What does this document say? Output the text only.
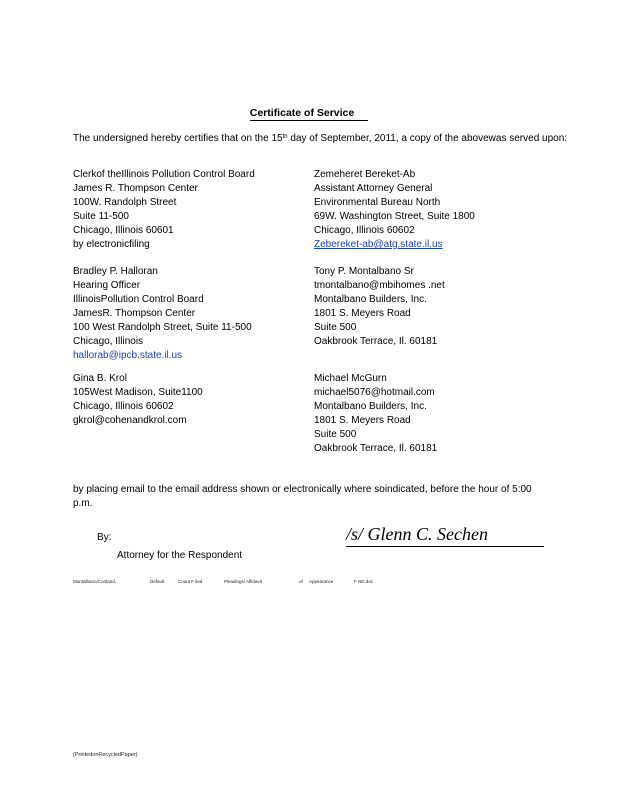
Certificate of Service
The undersigned hereby certifies that on the 15th day of September, 2011, a copy of the abovewas served upon:
Clerkof theIllinois Pollution Control Board
James R. Thompson Center
100W. Randolph Street
Suite 11-500
Chicago, Illinois 60601
by electronicfiling
Zemeheret Bereket-Ab
Assistant Attorney General
Environmental Bureau North
69W. Washington Street, Suite 1800
Chicago, Illinois 60602
Zebereket-ab@atg.state.il.us
Bradley P. Halloran
Hearing Officer
IllinoisPollution Control Board
JamesR. Thompson Center
100 West Randolph Street, Suite 11-500
Chicago, Illinois
hallorab@ipcb.state.il.us
Tony P. Montalbano Sr
tmontalbano@mbihomes .net
Montalbano Builders, Inc.
1801 S. Meyers Road
Suite 500
Oakbrook Terrace, Il. 60181
Gina B. Krol
105West Madison, Suite1100
Chicago, Illinois 60602
gkrol@cohenandkrol.com
Michael McGurn
michael5076@hotmail.com
Montalbano Builders, Inc.
1801 S. Meyers Road
Suite 500
Oakbrook Terrace, Il. 60181
by placing email to the email address shown or electronically where soindicated, before the hour of 5:00 p.m.
By:	/s/ Glenn C. Sechen
Attorney for the Respondent
Montalbano/Cortland,	Default	Count F iled	Pleadings/ Affidavit	of Appearance	F ND.doc
(PrintedonRecycledPaper)
